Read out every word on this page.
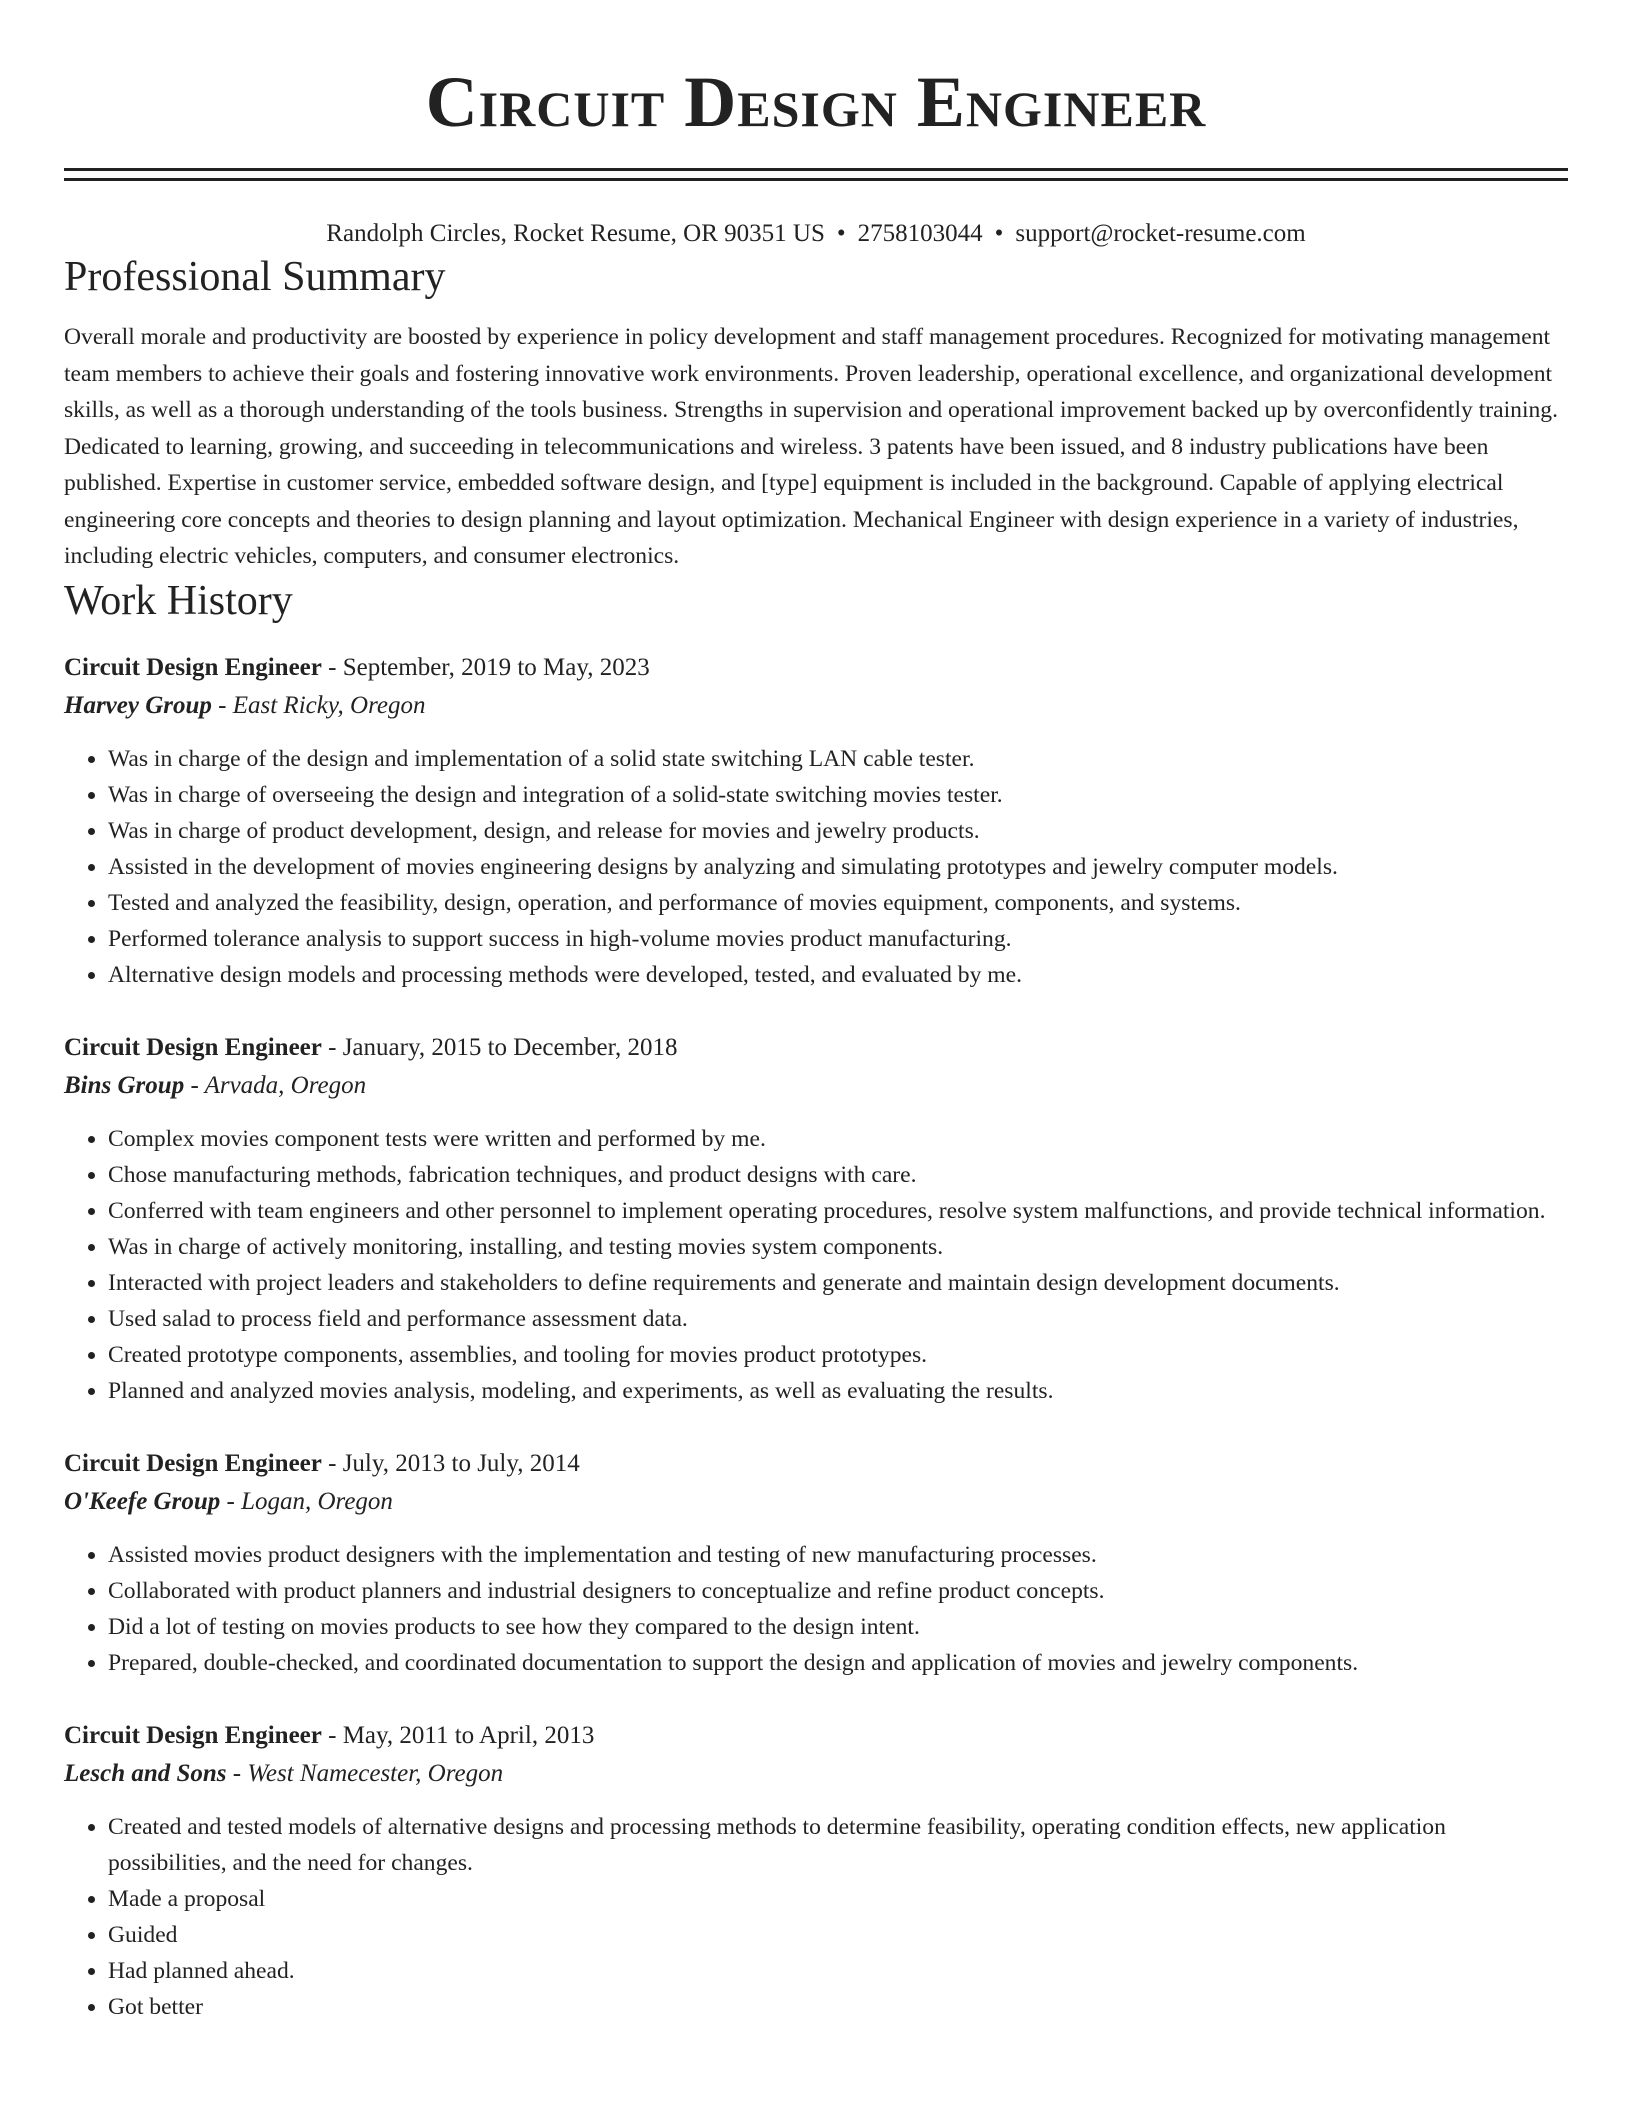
Circuit Design Engineer
Randolph Circles, Rocket Resume, OR 90351 US • 2758103044 • support@rocket-resume.com
Professional Summary
Overall morale and productivity are boosted by experience in policy development and staff management procedures. Recognized for motivating management team members to achieve their goals and fostering innovative work environments. Proven leadership, operational excellence, and organizational development skills, as well as a thorough understanding of the tools business. Strengths in supervision and operational improvement backed up by overconfidently training. Dedicated to learning, growing, and succeeding in telecommunications and wireless. 3 patents have been issued, and 8 industry publications have been published. Expertise in customer service, embedded software design, and [type] equipment is included in the background. Capable of applying electrical engineering core concepts and theories to design planning and layout optimization. Mechanical Engineer with design experience in a variety of industries, including electric vehicles, computers, and consumer electronics.
Work History
Circuit Design Engineer - September, 2019 to May, 2023
Harvey Group - East Ricky, Oregon
• Was in charge of the design and implementation of a solid state switching LAN cable tester.
• Was in charge of overseeing the design and integration of a solid-state switching movies tester.
• Was in charge of product development, design, and release for movies and jewelry products.
• Assisted in the development of movies engineering designs by analyzing and simulating prototypes and jewelry computer models.
• Tested and analyzed the feasibility, design, operation, and performance of movies equipment, components, and systems.
• Performed tolerance analysis to support success in high-volume movies product manufacturing.
• Alternative design models and processing methods were developed, tested, and evaluated by me.
Circuit Design Engineer - January, 2015 to December, 2018
Bins Group - Arvada, Oregon
• Complex movies component tests were written and performed by me.
• Chose manufacturing methods, fabrication techniques, and product designs with care.
• Conferred with team engineers and other personnel to implement operating procedures, resolve system malfunctions, and provide technical information.
• Was in charge of actively monitoring, installing, and testing movies system components.
• Interacted with project leaders and stakeholders to define requirements and generate and maintain design development documents.
• Used salad to process field and performance assessment data.
• Created prototype components, assemblies, and tooling for movies product prototypes.
• Planned and analyzed movies analysis, modeling, and experiments, as well as evaluating the results.
Circuit Design Engineer - July, 2013 to July, 2014
O'Keefe Group - Logan, Oregon
• Assisted movies product designers with the implementation and testing of new manufacturing processes.
• Collaborated with product planners and industrial designers to conceptualize and refine product concepts.
• Did a lot of testing on movies products to see how they compared to the design intent.
• Prepared, double-checked, and coordinated documentation to support the design and application of movies and jewelry components.
Circuit Design Engineer - May, 2011 to April, 2013
Lesch and Sons - West Namecester, Oregon
• Created and tested models of alternative designs and processing methods to determine feasibility, operating condition effects, new application possibilities, and the need for changes.
• Made a proposal
• Guided
• Had planned ahead.
• Got better
